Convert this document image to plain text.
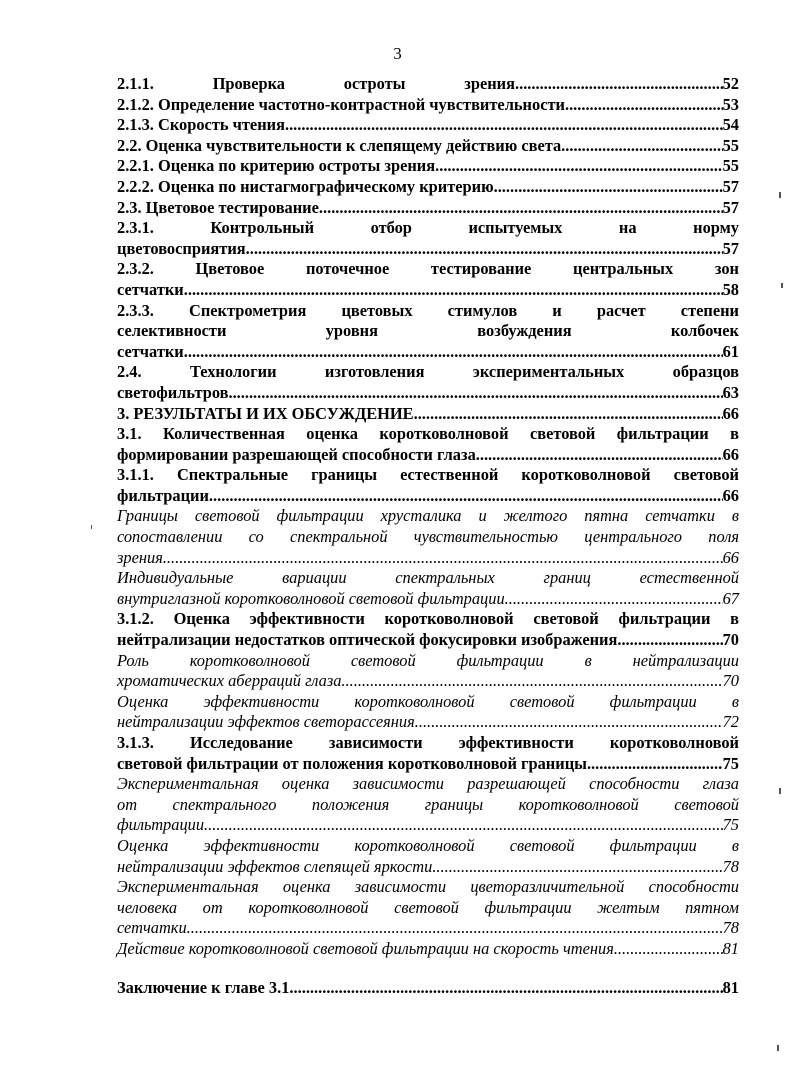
3
2.1.1.	Проверка	остроты	зрения .....	52
2.1.2. Определение частотно-контрастной чувствительности .....	53
2.1.3. Скорость чтения .....	54
2.2. Оценка чувствительности к слепящему действию света .....	55
2.2.1. Оценка по критерию остроты зрения .....	55
2.2.2. Оценка по нистагмографическому критерию .....	57
2.3. Цветовое тестирование .....	57
2.3.1. Контрольный отбор испытуемых на норму
цветовосприятия .....	57
2.3.2. Цветовое поточечное тестирование центральных зон
сетчатки .....	58
2.3.3. Спектрометрия цветовых стимулов и расчет степени
селективности уровня возбуждения колбочек
сетчатки .....	61
2.4. Технологии изготовления экспериментальных образцов
светофильтров .....	63
3. РЕЗУЛЬТАТЫ И ИХ ОБСУЖДЕНИЕ .....	66
3.1. Количественная оценка коротковолновой световой фильтрации в
формировании разрешающей способности глаза .....	66
3.1.1. Спектральные границы естественной коротковолновой световой
фильтрации .....	66
Границы световой фильтрации хрусталика и желтого пятна сетчатки в
сопоставлении со спектральной чувствительностью центрального поля
зрения .....	66
Индивидуальные вариации спектральных границ естественной
внутриглазной коротковолновой световой фильтрации .....	67
3.1.2. Оценка эффективности коротковолновой световой фильтрации в
нейтрализации недостатков оптической фокусировки изображения .....	70
Роль коротковолновой световой фильтрации в нейтрализации
хроматических аберраций глаза .....	70
Оценка эффективности коротковолновой световой фильтрации в
нейтрализации эффектов светорассеяния .....	72
3.1.3. Исследование зависимости эффективности коротковолновой
световой фильтрации от положения коротковолновой границы .....	75
Экспериментальная оценка зависимости разрешающей способности глаза
от спектрального положения границы коротковолновой световой
фильтрации .....	75
Оценка эффективности коротковолновой световой фильтрации в
нейтрализации эффектов слепящей яркости .....	78
Экспериментальная оценка зависимости цветоразличительной способности
человека от коротковолновой световой фильтрации желтым пятном
сетчатки .....	78
Действие коротковолновой световой фильтрации на скорость чтения .....	81
Заключение к главе 3.1. .....	81
